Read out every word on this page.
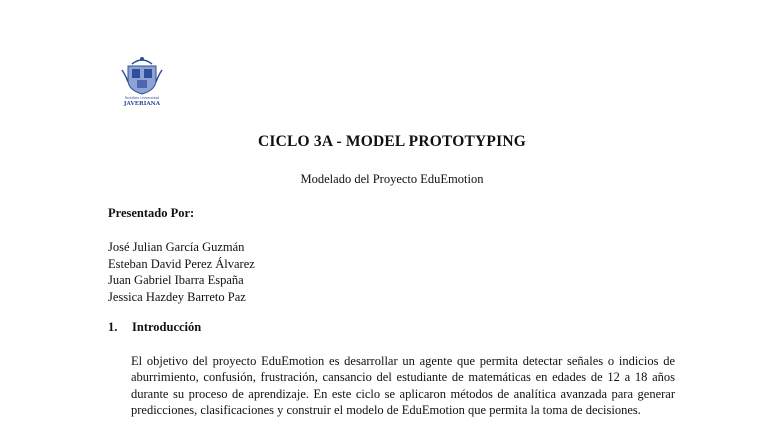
Pontificia Universidad
JAVERIANA
CICLO 3A - MODEL PROTOTYPING
Modelado del Proyecto EduEmotion
Presentado Por:
José Julian García Guzmán
Esteban David Perez Álvarez
Juan Gabriel Ibarra España
Jessica Hazdey Barreto Paz
1. Introducción

El objetivo del proyecto EduEmotion es desarrollar un agente que permita detectar señales o indicios de aburrimiento, confusión, frustración, cansancio del estudiante de matemáticas en edades de 12 a 18 años durante su proceso de aprendizaje. En este ciclo se aplicaron métodos de analítica avanzada para generar predicciones, clasificaciones y construir el modelo de EduEmotion que permita la toma de decisiones.
